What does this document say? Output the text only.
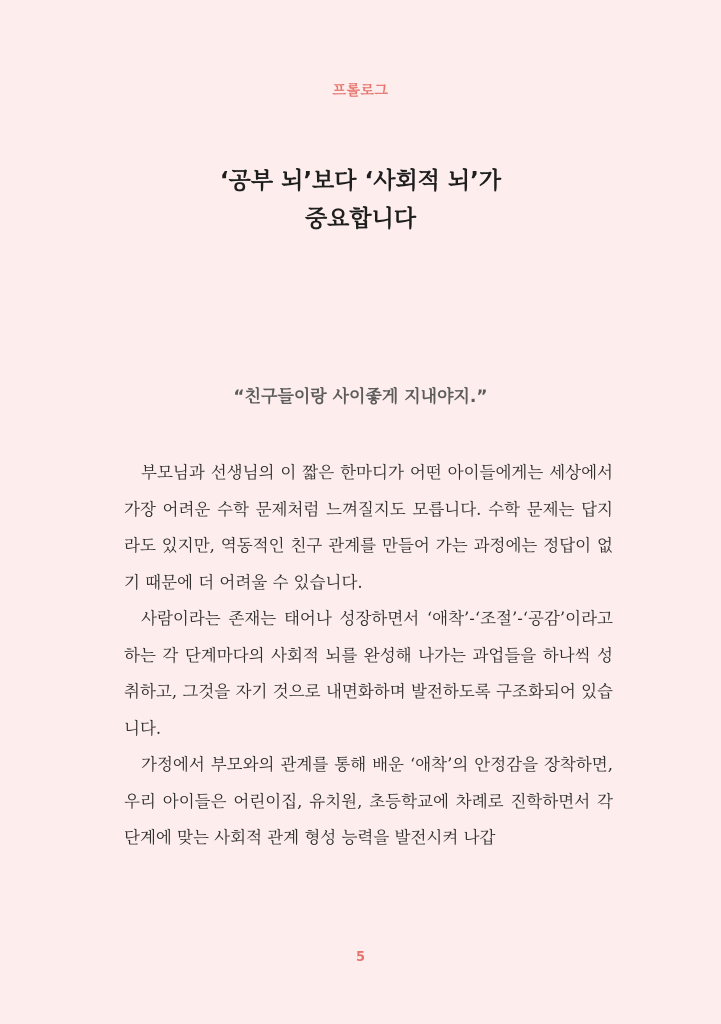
프롤로그
‘공부 뇌’보다 ‘사회적 뇌’가
중요합니다
“친구들이랑 사이좋게 지내야지.”

부모님과 선생님의 이 짧은 한마디가 어떤 아이들에게는 세상에서 가장 어려운 수학 문제처럼 느껴질지도 모릅니다. 수학 문제는 답지라도 있지만, 역동적인 친구 관계를 만들어 가는 과정에는 정답이 없기 때문에 더 어려울 수 있습니다.

사람이라는 존재는 태어나 성장하면서 ‘애착’-‘조절’-‘공감’이라고 하는 각 단계마다의 사회적 뇌를 완성해 나가는 과업들을 하나씩 성취하고, 그것을 자기 것으로 내면화하며 발전하도록 구조화되어 있습니다.

가정에서 부모와의 관계를 통해 배운 ‘애착’의 안정감을 장착하면, 우리 아이들은 어린이집, 유치원, 초등학교에 차례로 진학하면서 각 단계에 맞는 사회적 관계 형성 능력을 발전시켜 나갑

5
